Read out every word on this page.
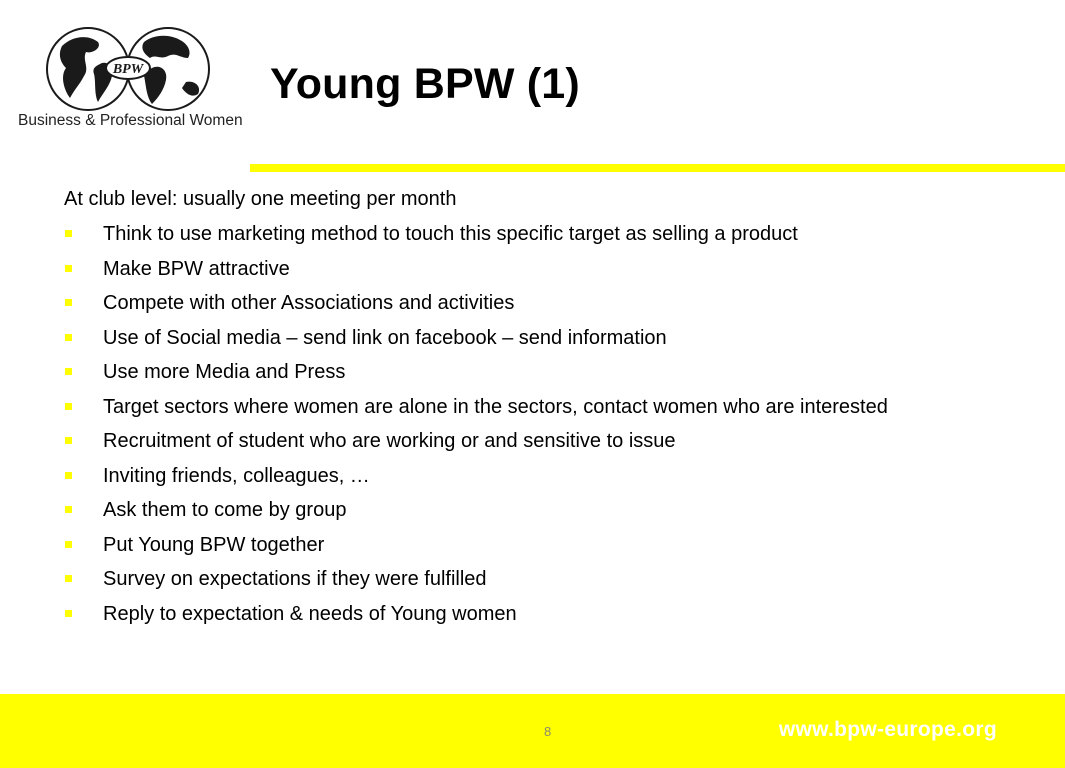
BPW
Business & Professional Women
Young BPW (1)

At club level: usually one meeting per month

Think to use marketing method to touch this specific target as selling a product
Make BPW attractive
Compete with other Associations and activities
Use of Social media – send link on facebook – send information
Use more Media and Press
Target sectors where women are alone in the sectors, contact women who are interested
Recruitment of student who are working or and sensitive to issue
Inviting friends, colleagues, …
Ask them to come by group
Put Young BPW together
Survey on expectations if they were fulfilled
Reply to expectation & needs of Young women
8	www.bpw-europe.org
